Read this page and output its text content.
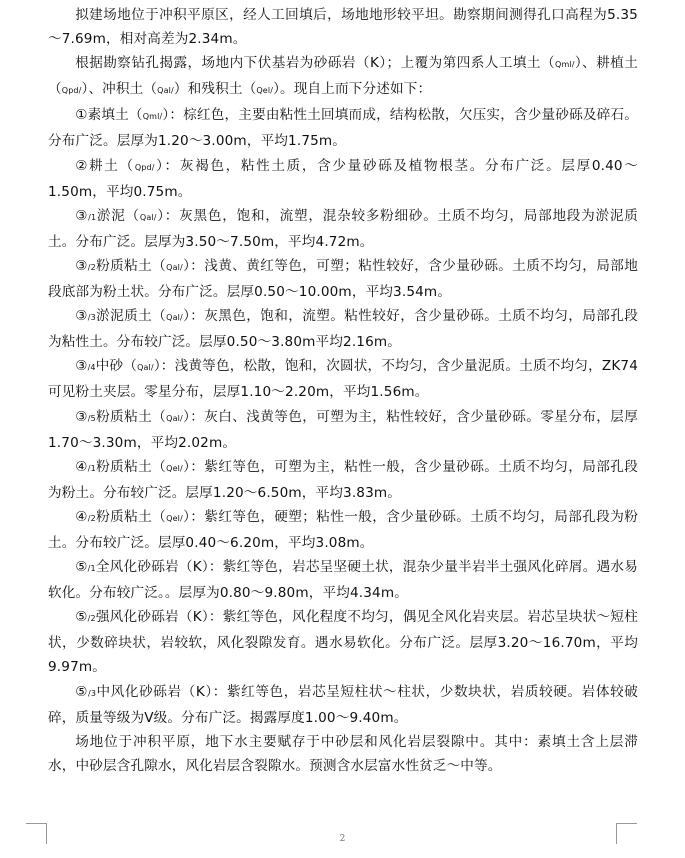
拟建场地位于冲积平原区，经人工回填后，场地地形较平坦。勘察期间测得孔口高程为5.35～7.69m，相对高差为2.34m。

根据勘察钻孔揭露，场地内下伏基岩为砂砾岩（K）；上覆为第四系人工填土（Qml/）、耕植土（Qpd/）、冲积土（Qal/）和残积土（Qel/）。现自上而下分述如下：

①素填土（Qml/）：棕红色，主要由粘性土回填而成，结构松散，欠压实，含少量砂砾及碎石。分布广泛。层厚为1.20～3.00m，平均1.75m。

②耕土（Qpd/）：灰褐色，粘性土质，含少量砂砾及植物根茎。分布广泛。层厚0.40～1.50m，平均0.75m。

③/1淤泥（Qal/）：灰黑色，饱和，流塑，混杂较多粉细砂。土质不均匀，局部地段为淤泥质土。分布广泛。层厚为3.50～7.50m，平均4.72m。

③/2粉质粘土（Qal/）：浅黄、黄红等色，可塑；粘性较好，含少量砂砾。土质不均匀，局部地段底部为粉土状。分布广泛。层厚0.50～10.00m，平均3.54m。

③/3淤泥质土（Qal/）：灰黑色，饱和，流塑。粘性较好，含少量砂砾。土质不均匀，局部孔段为粘性土。分布较广泛。层厚0.50～3.80m平均2.16m。

③/4中砂（Qal/）：浅黄等色，松散，饱和，次圆状，不均匀，含少量泥质。土质不均匀，ZK74可见粉土夹层。零星分布，层厚1.10～2.20m，平均1.56m。

③/5粉质粘土（Qal/）：灰白、浅黄等色，可塑为主，粘性较好，含少量砂砾。零星分布，层厚1.70～3.30m，平均2.02m。

④/1粉质粘土（Qel/）：紫红等色，可塑为主，粘性一般，含少量砂砾。土质不均匀，局部孔段为粉土。分布较广泛。层厚1.20～6.50m，平均3.83m。

④/2粉质粘土（Qel/）：紫红等色，硬塑；粘性一般，含少量砂砾。土质不均匀，局部孔段为粉土。分布较广泛。层厚0.40～6.20m，平均3.08m。

⑤/1全风化砂砾岩（K）：紫红等色，岩芯呈坚硬土状，混杂少量半岩半土强风化碎屑。遇水易软化。分布较广泛。。层厚为0.80～9.80m，平均4.34m。

⑤/2强风化砂砾岩（K）：紫红等色，风化程度不均匀，偶见全风化岩夹层。岩芯呈块状～短柱状，少数碎块状，岩较软，风化裂隙发育。遇水易软化。分布广泛。层厚3.20～16.70m，平均9.97m。

⑤/3中风化砂砾岩（K）：紫红等色，岩芯呈短柱状～柱状，少数块状，岩质较硬。岩体较破碎，质量等级为Ⅴ级。分布广泛。揭露厚度1.00～9.40m。

场地位于冲积平原，地下水主要赋存于中砂层和风化岩层裂隙中。其中：素填土含上层滞水，中砂层含孔隙水，风化岩层含裂隙水。预测含水层富水性贫乏～中等。

2
